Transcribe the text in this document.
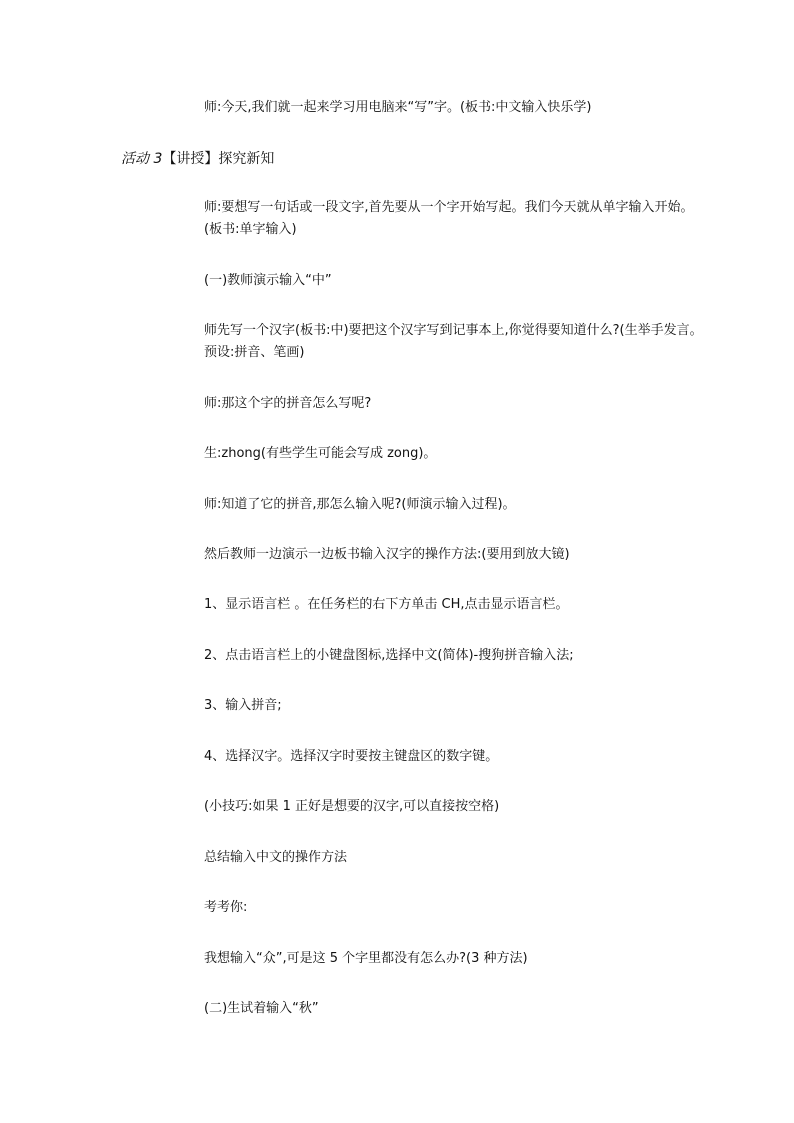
师:今天,我们就一起来学习用电脑来“写”字。(板书:中文输入快乐学)
活动 3【讲授】探究新知
师:要想写一句话或一段文字,首先要从一个字开始写起。我们今天就从单字输入开始。(板书:单字输入)
(一)教师演示输入“中”
师先写一个汉字(板书:中)要把这个汉字写到记事本上,你觉得要知道什么?(生举手发言。预设:拼音、笔画)
师:那这个字的拼音怎么写呢?
生:zhong(有些学生可能会写成 zong)。
师:知道了它的拼音,那怎么输入呢?(师演示输入过程)。
然后教师一边演示一边板书输入汉字的操作方法:(要用到放大镜)
1、显示语言栏 。在任务栏的右下方单击 CH,点击显示语言栏。
2、点击语言栏上的小键盘图标,选择中文(简体)-搜狗拼音输入法;
3、输入拼音;
4、选择汉字。选择汉字时要按主键盘区的数字键。
(小技巧:如果 1 正好是想要的汉字,可以直接按空格)
总结输入中文的操作方法
考考你:
我想输入“众”,可是这 5 个字里都没有怎么办?(3 种方法)
(二)生试着输入“秋”
